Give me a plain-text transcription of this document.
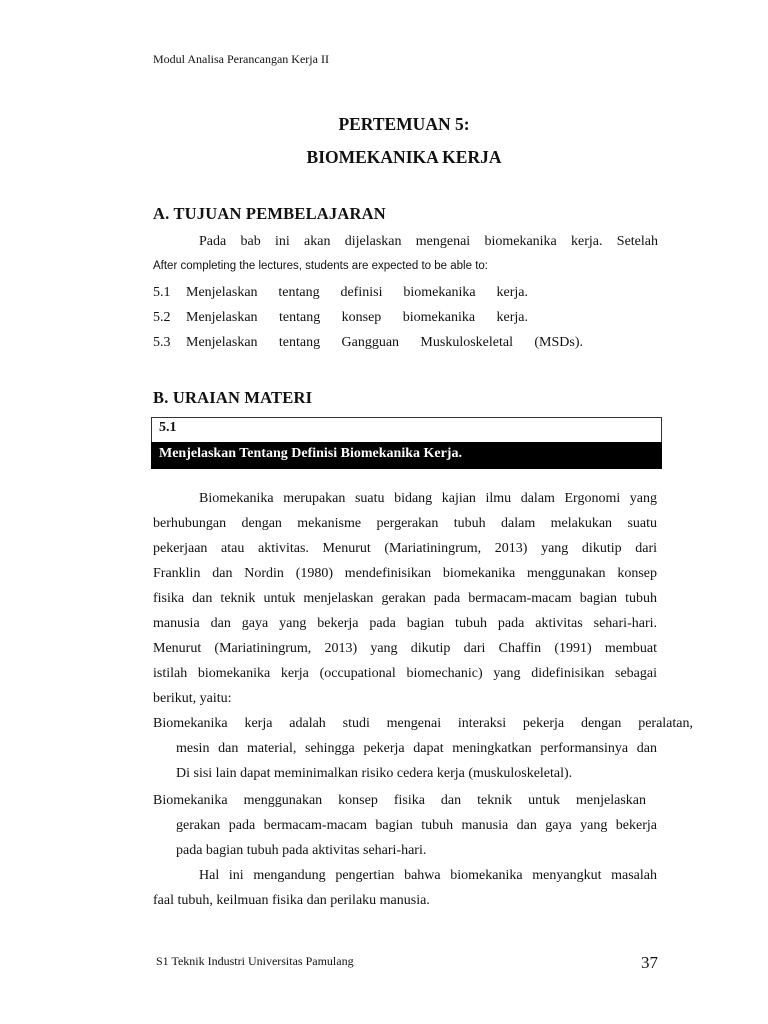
Modul Analisa Perancangan Kerja II
PERTEMUAN 5:
BIOMEKANIKA KERJA
A. TUJUAN PEMBELAJARAN
Pada bab ini akan dijelaskan mengenai biomekanika kerja. Setelah
After completing the lectures, students are expected to be able to:
5.1	Menjelaskan tentang definisi biomekanika kerja.
5.2	Menjelaskan tentang konsep biomekanika kerja.
5.3	Menjelaskan tentang Gangguan Muskuloskeletal (MSDs).
B. URAIAN MATERI
5.1
Menjelaskan Tentang Definisi Biomekanika Kerja.
Biomekanika merupakan suatu bidang kajian ilmu dalam Ergonomi yang
berhubungan dengan mekanisme pergerakan tubuh dalam melakukan suatu
pekerjaan atau aktivitas. Menurut (Mariatiningrum, 2013) yang dikutip dari
Franklin dan Nordin (1980) mendefinisikan biomekanika menggunakan konsep
fisika dan teknik untuk menjelaskan gerakan pada bermacam-macam bagian tubuh
manusia dan gaya yang bekerja pada bagian tubuh pada aktivitas sehari-hari.
Menurut (Mariatiningrum, 2013) yang dikutip dari Chaffin (1991) membuat
istilah biomekanika kerja (occupational biomechanic) yang didefinisikan sebagai
berikut, yaitu:
Biomekanika kerja adalah studi mengenai interaksi pekerja dengan peralatan,
mesin dan material, sehingga pekerja dapat meningkatkan performansinya dan
Di sisi lain dapat meminimalkan risiko cedera kerja (muskuloskeletal).
Biomekanika menggunakan konsep fisika dan teknik untuk menjelaskan
gerakan pada bermacam-macam bagian tubuh manusia dan gaya yang bekerja
pada bagian tubuh pada aktivitas sehari-hari.
Hal ini mengandung pengertian bahwa biomekanika menyangkut masalah
faal tubuh, keilmuan fisika dan perilaku manusia.
S1 Teknik Industri Universitas Pamulang	37
